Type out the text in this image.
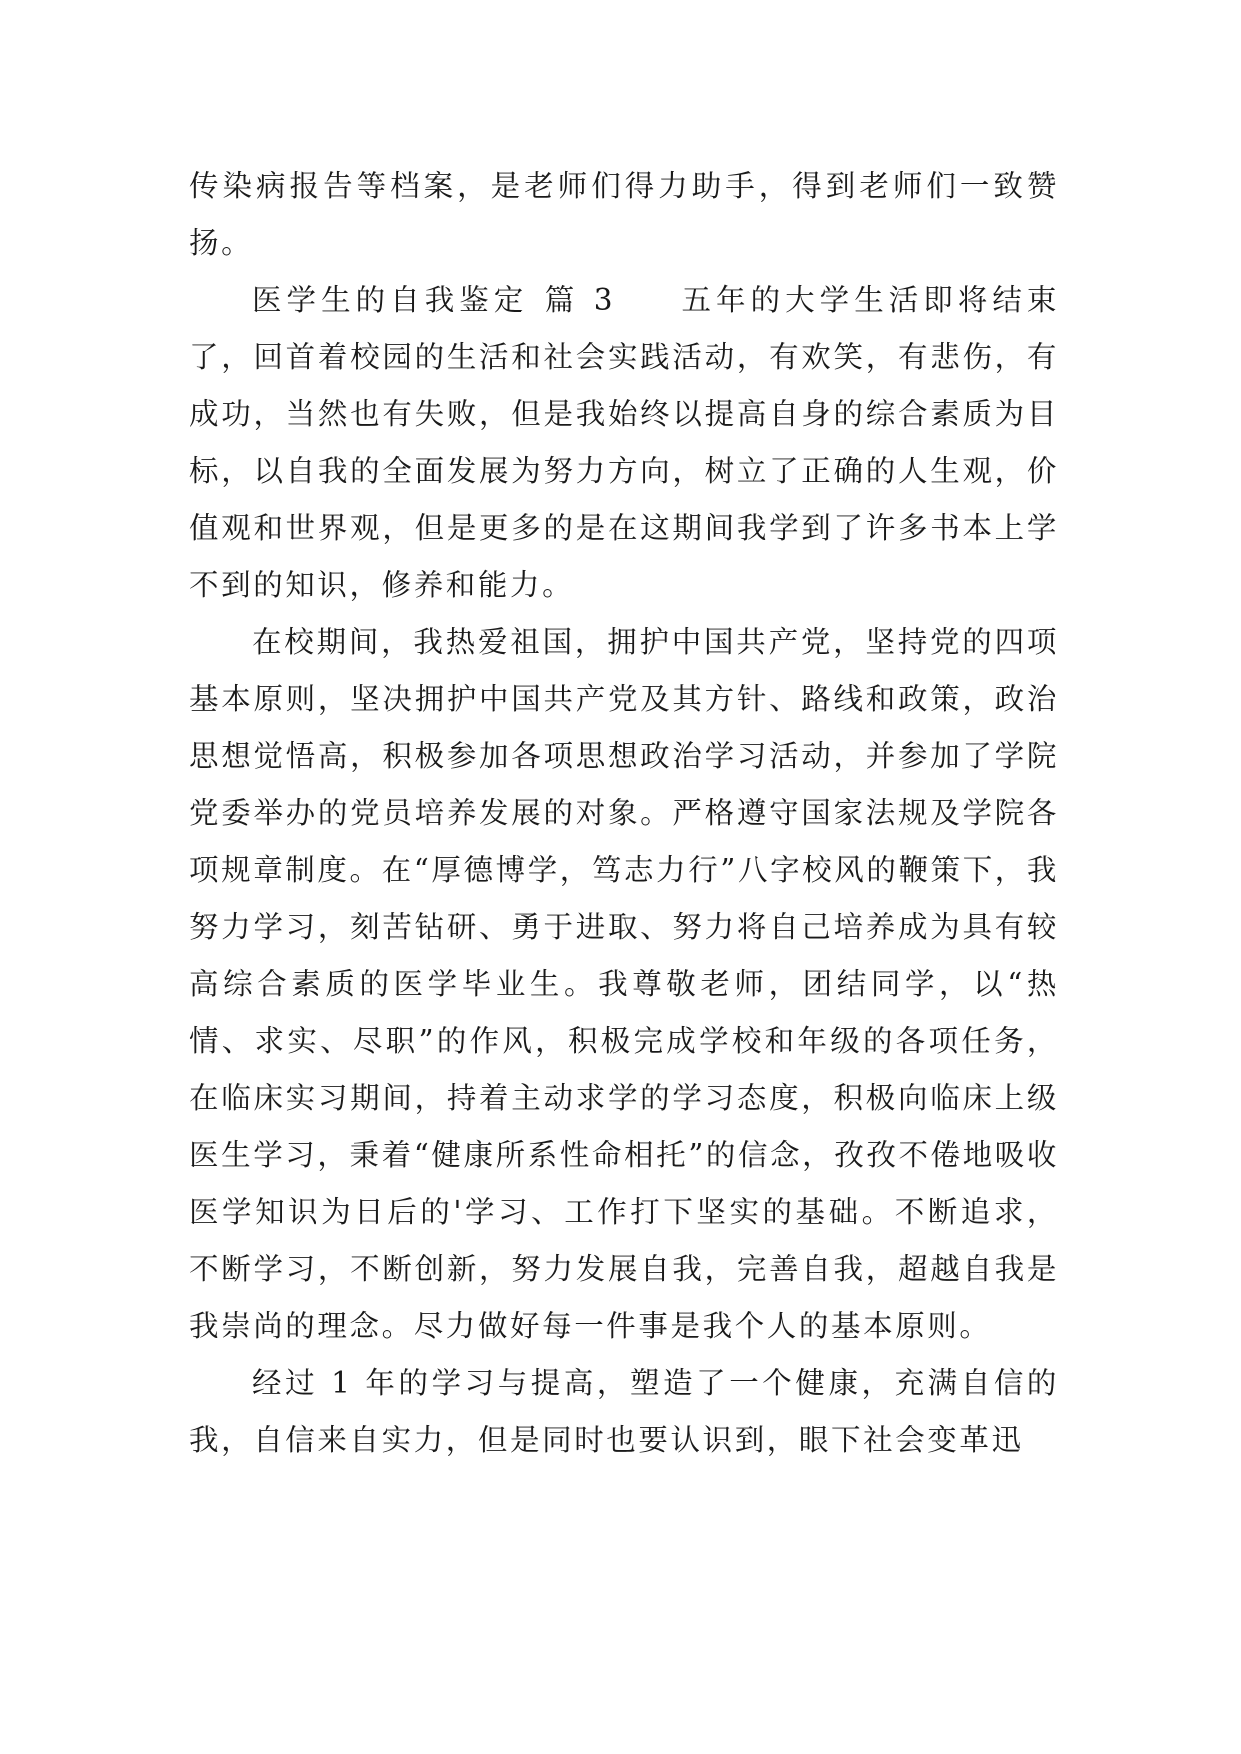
传染病报告等档案，是老师们得力助手，得到老师们一致赞扬。

医学生的自我鉴定 篇 3 五年的大学生活即将结束了，回首着校园的生活和社会实践活动，有欢笑，有悲伤，有成功，当然也有失败，但是我始终以提高自身的综合素质为目标，以自我的全面发展为努力方向，树立了正确的人生观，价值观和世界观，但是更多的是在这期间我学到了许多书本上学不到的知识，修养和能力。

在校期间，我热爱祖国，拥护中国共产党，坚持党的四项基本原则，坚决拥护中国共产党及其方针、路线和政策，政治思想觉悟高，积极参加各项思想政治学习活动，并参加了学院党委举办的党员培养发展的对象。严格遵守国家法规及学院各项规章制度。在“厚德博学，笃志力行”八字校风的鞭策下，我努力学习，刻苦钻研、勇于进取、努力将自己培养成为具有较高综合素质的医学毕业生。我尊敬老师，团结同学，以“热情、求实、尽职”的作风，积极完成学校和年级的各项任务，在临床实习期间，持着主动求学的学习态度，积极向临床上级医生学习，秉着“健康所系性命相托”的信念，孜孜不倦地吸收医学知识为日后的'学习、工作打下坚实的基础。不断追求，不断学习，不断创新，努力发展自我，完善自我，超越自我是我崇尚的理念。尽力做好每一件事是我个人的基本原则。

经过 1 年的学习与提高，塑造了一个健康，充满自信的我，自信来自实力，但是同时也要认识到，眼下社会变革迅
